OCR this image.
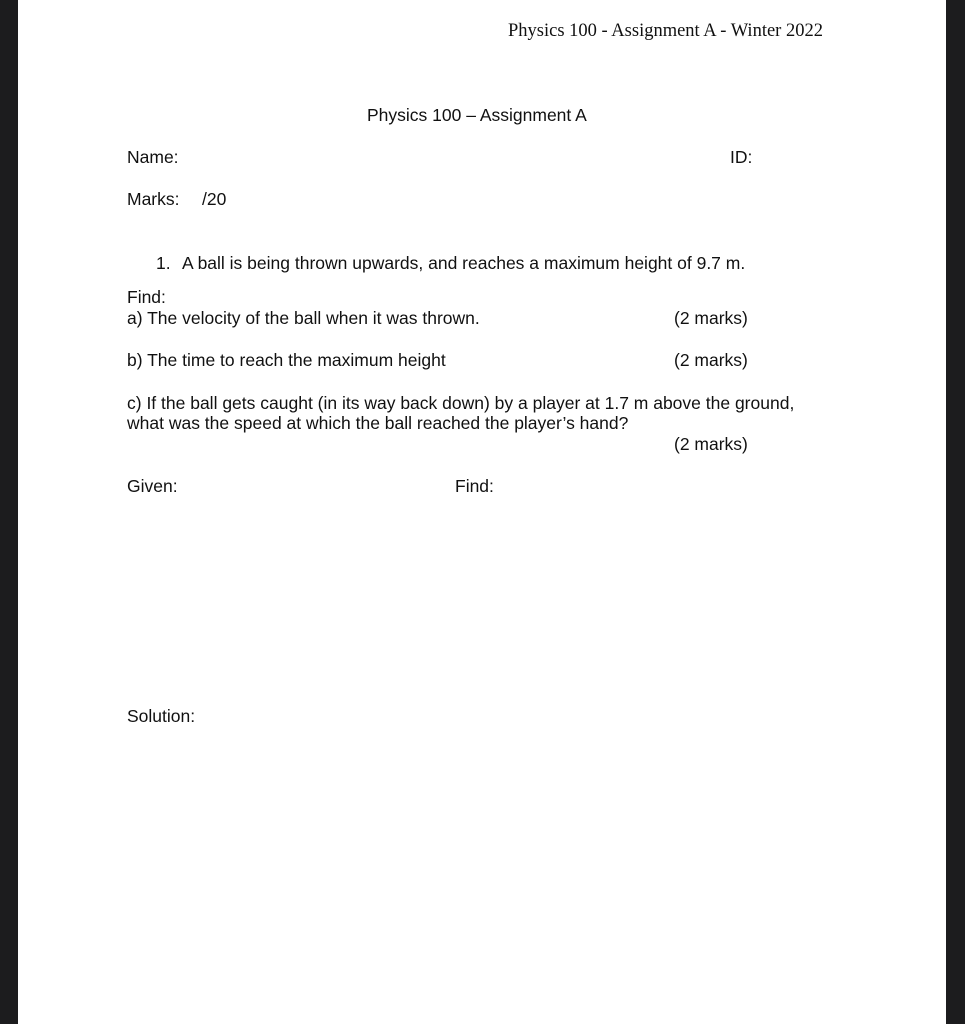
Physics 100 - Assignment A - Winter 2022
Physics 100 – Assignment A
Name:	ID:
Marks: /20
1. A ball is being thrown upwards, and reaches a maximum height of 9.7 m.
Find:
a) The velocity of the ball when it was thrown.	(2 marks)
b) The time to reach the maximum height	(2 marks)
c) If the ball gets caught (in its way back down) by a player at 1.7 m above the ground,
what was the speed at which the ball reached the player’s hand?
(2 marks)
Given:	Find:
Solution:
